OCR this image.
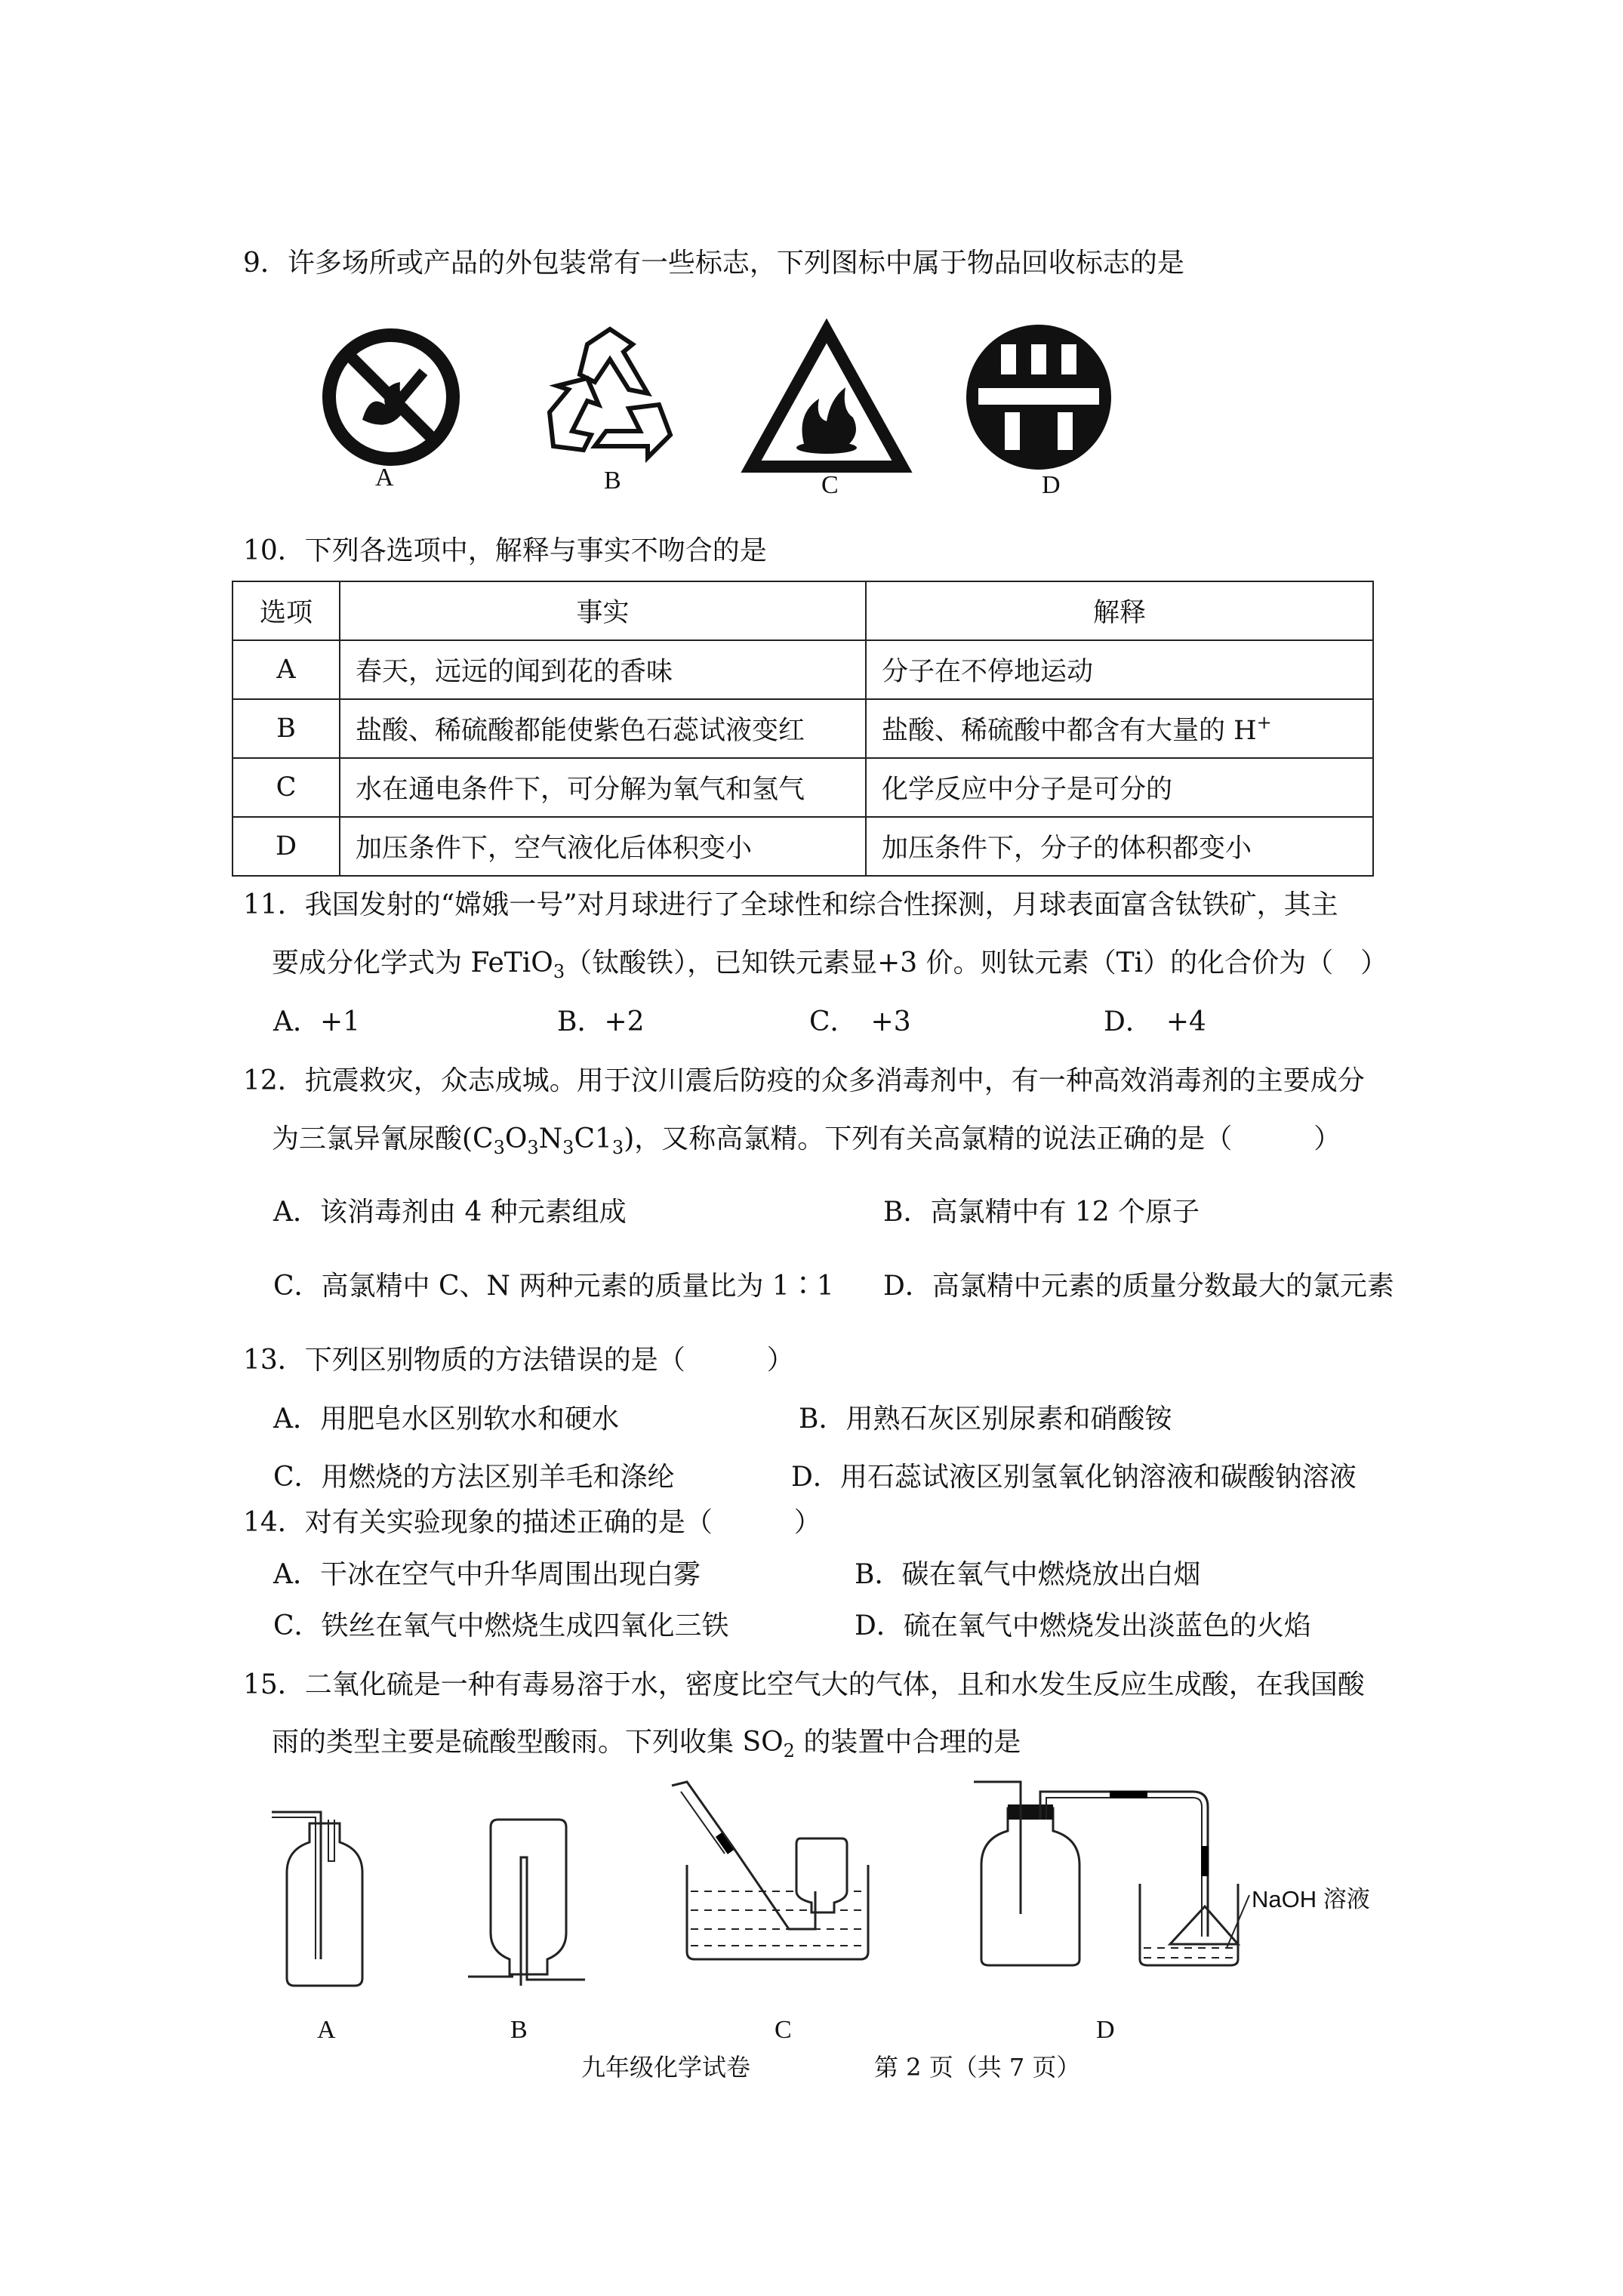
9．许多场所或产品的外包装常有一些标志，下列图标中属于物品回收标志的是
A	B	C	D
10．下列各选项中，解释与事实不吻合的是
选项	事实	解释
A	春天，远远的闻到花的香味	分子在不停地运动
B	盐酸、稀硫酸都能使紫色石蕊试液变红	盐酸、稀硫酸中都含有大量的 H+
C	水在通电条件下，可分解为氧气和氢气	化学反应中分子是可分的
D	加压条件下，空气液化后体积变小	加压条件下，分子的体积都变小
11．我国发射的“嫦娥一号”对月球进行了全球性和综合性探测，月球表面富含钛铁矿，其主
要成分化学式为 FeTiO$_3$（钛酸铁），已知铁元素显+3 价。则钛元素（Ti）的化合价为（　）
A．+1	B．+2	C．　+3	D．　+4
12．抗震救灾，众志成城。用于汶川震后防疫的众多消毒剂中，有一种高效消毒剂的主要成分
为三氯异氰尿酸$(C_3O_3N_3C1_3)$，又称高氯精。下列有关高氯精的说法正确的是（　　　）
A．该消毒剂由 4 种元素组成	B．高氯精中有 12 个原子
C．高氯精中 C、N 两种元素的质量比为 1∶1 D．高氯精中元素的质量分数最大的氯元素
13．下列区别物质的方法错误的是（　　　）
A．用肥皂水区别软水和硬水	B．用熟石灰区别尿素和硝酸铵
C．用燃烧的方法区别羊毛和涤纶	D．用石蕊试液区别氢氧化钠溶液和碳酸钠溶液
14．对有关实验现象的描述正确的是（　　　）
A．干冰在空气中升华周围出现白雾	B．碳在氧气中燃烧放出白烟
C．铁丝在氧气中燃烧生成四氧化三铁	D．硫在氧气中燃烧发出淡蓝色的火焰
15．二氧化硫是一种有毒易溶于水，密度比空气大的气体，且和水发生反应生成酸，在我国酸
雨的类型主要是硫酸型酸雨。下列收集 $SO_2$ 的装置中合理的是
NaOH 溶液
A	B	C	D
九年级化学试卷	第 2 页（共 7 页）
